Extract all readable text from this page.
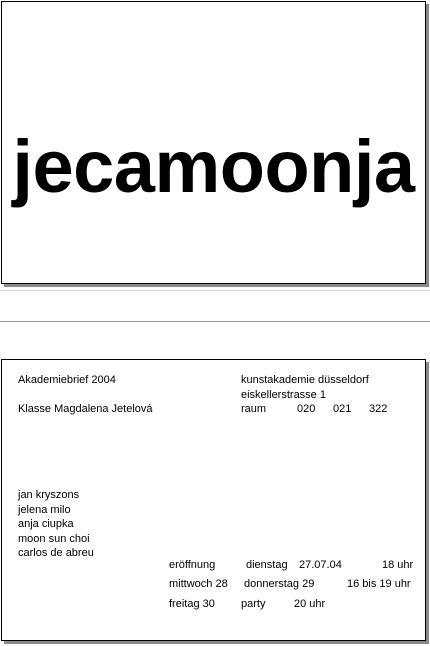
jecamoonja
Akademiebrief 2004
Klasse Magdalena Jetelová
kunstakademie düsseldorf
eiskellerstrasse 1
raum	020 021 322
jan kryszons
jelena milo
anja ciupka
moon sun choi
carlos de abreu
eröffnung	dienstag 27.07.04	18 uhr
mittwoch 28 donnerstag 29	16 bis 19 uhr
freitag 30 party	20 uhr
